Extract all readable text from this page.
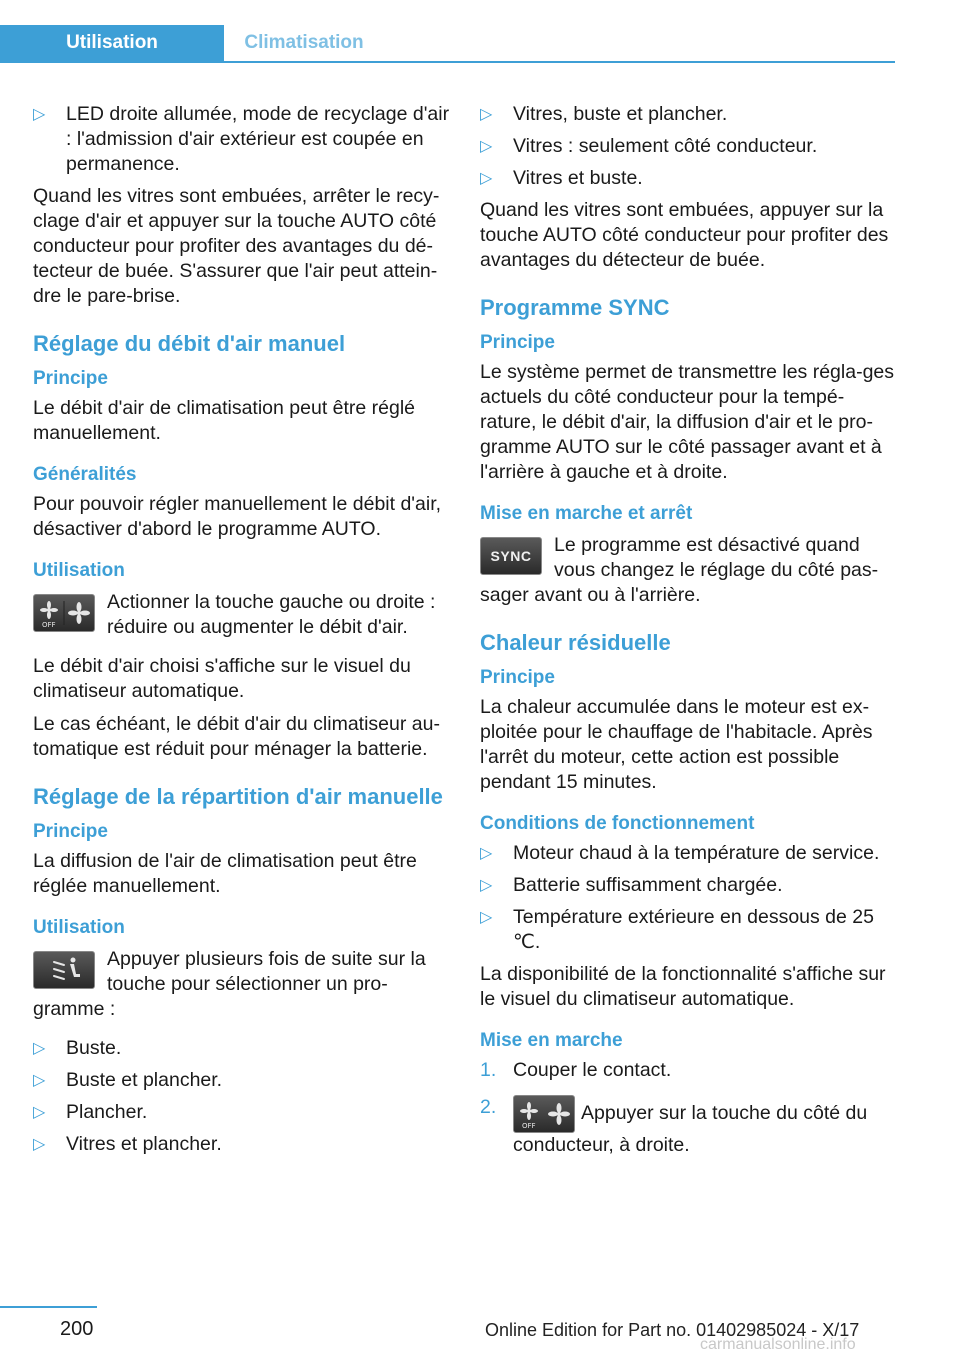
Utilisation	Climatisation
▷ LED droite allumée, mode de recyclage d'air : l'admission d'air extérieur est coupée en permanence.

Quand les vitres sont embuées, arrêter le recy-clage d'air et appuyer sur la touche AUTO côté conducteur pour profiter des avantages du dé-tecteur de buée. S'assurer que l'air peut attein-dre le pare-brise.

Réglage du débit d'air manuel
Principe

Le débit d'air de climatisation peut être réglé manuellement.

Généralités

Pour pouvoir régler manuellement le débit d'air, désactiver d'abord le programme AUTO.

Utilisation
OFF
Actionner la touche gauche ou droite : réduire ou augmenter le débit d'air.

Le débit d'air choisi s'affiche sur le visuel du climatiseur automatique.

Le cas échéant, le débit d'air du climatiseur au-tomatique est réduit pour ménager la batterie.

Réglage de la répartition d'air manuelle
Principe

La diffusion de l'air de climatisation peut être réglée manuellement.

Utilisation
Appuyer plusieurs fois de suite sur la touche pour sélectionner un pro-gramme :
▷ Buste.
▷ Buste et plancher.
▷ Plancher.
▷ Vitres et plancher.
▷ Vitres, buste et plancher.
▷ Vitres : seulement côté conducteur.
▷ Vitres et buste.

Quand les vitres sont embuées, appuyer sur la touche AUTO côté conducteur pour profiter des avantages du détecteur de buée.

Programme SYNC
Principe

Le système permet de transmettre les régla-ges actuels du côté conducteur pour la tempé-rature, le débit d'air, la diffusion d'air et le pro-gramme AUTO sur le côté passager avant et à l'arrière à gauche et à droite.

Mise en marche et arrêt
SYNC	Le programme est désactivé quand vous changez le réglage du côté pas-sager avant ou à l'arrière.
Chaleur résiduelle
Principe

La chaleur accumulée dans le moteur est ex-ploitée pour le chauffage de l'habitacle. Après l'arrêt du moteur, cette action est possible pendant 15 minutes.

Conditions de fonctionnement
▷ Moteur chaud à la température de service.
▷ Batterie suffisamment chargée.
▷ Température extérieure en dessous de 25 ℃.

La disponibilité de la fonctionnalité s'affiche sur le visuel du climatiseur automatique.

Mise en marche
1. Couper le contact.
2.
OFF
Appuyer sur la touche du côté du conducteur, à droite.
200	Online Edition for Part no. 01402985024 - X/17
carmanualsonline.info
